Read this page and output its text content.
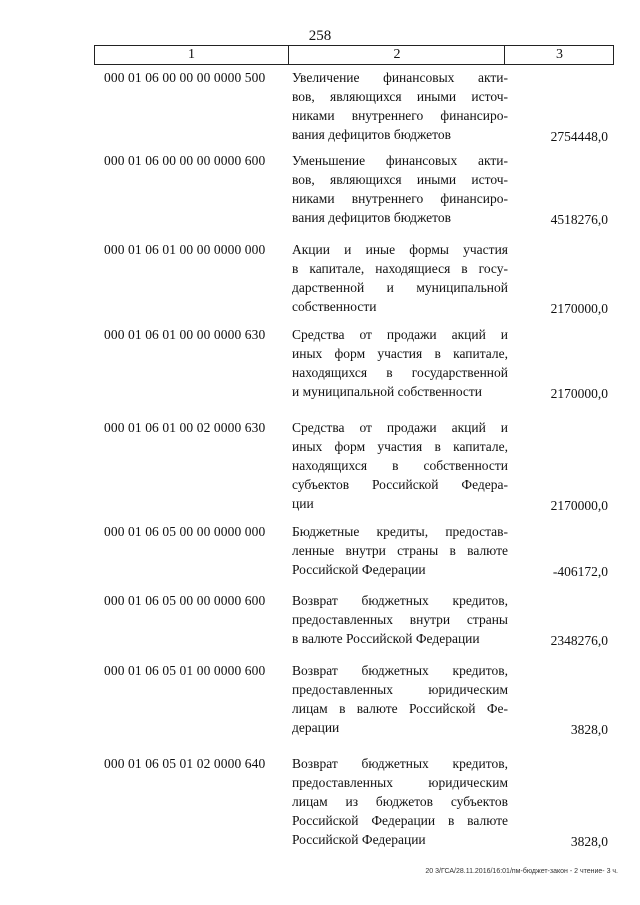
258
1	2	3
000 01 06 00 00 00 0000 500	Увеличение финансовых акти-
вов, являющихся иными источ-
никами внутреннего финансиро-
вания дефицитов бюджетов	2754448,0
000 01 06 00 00 00 0000 600	Уменьшение финансовых акти-
вов, являющихся иными источ-
никами внутреннего финансиро-
вания дефицитов бюджетов	4518276,0
000 01 06 01 00 00 0000 000	Акции и иные формы участия
в капитале, находящиеся в госу-
дарственной и муниципальной
собственности	2170000,0
000 01 06 01 00 00 0000 630	Средства от продажи акций и
иных форм участия в капитале,
находящихся в государственной
и муниципальной собственности	2170000,0
000 01 06 01 00 02 0000 630	Средства от продажи акций и
иных форм участия в капитале,
находящихся в собственности
субъектов Российской Федера-
ции	2170000,0
000 01 06 05 00 00 0000 000	Бюджетные кредиты, предостав-
ленные внутри страны в валюте
Российской Федерации	-406172,0
000 01 06 05 00 00 0000 600	Возврат бюджетных кредитов,
предоставленных внутри страны
в валюте Российской Федерации	2348276,0
000 01 06 05 01 00 0000 600	Возврат бюджетных кредитов,
предоставленных юридическим
лицам в валюте Российской Фе-
дерации	3828,0
000 01 06 05 01 02 0000 640	Возврат бюджетных кредитов,
предоставленных юридическим
лицам из бюджетов субъектов
Российской Федерации в валюте
Российской Федерации	3828,0
20 3/ГСА/28.11.2016/16:01/пм-бюджет-закон - 2 чтение- 3 ч.
